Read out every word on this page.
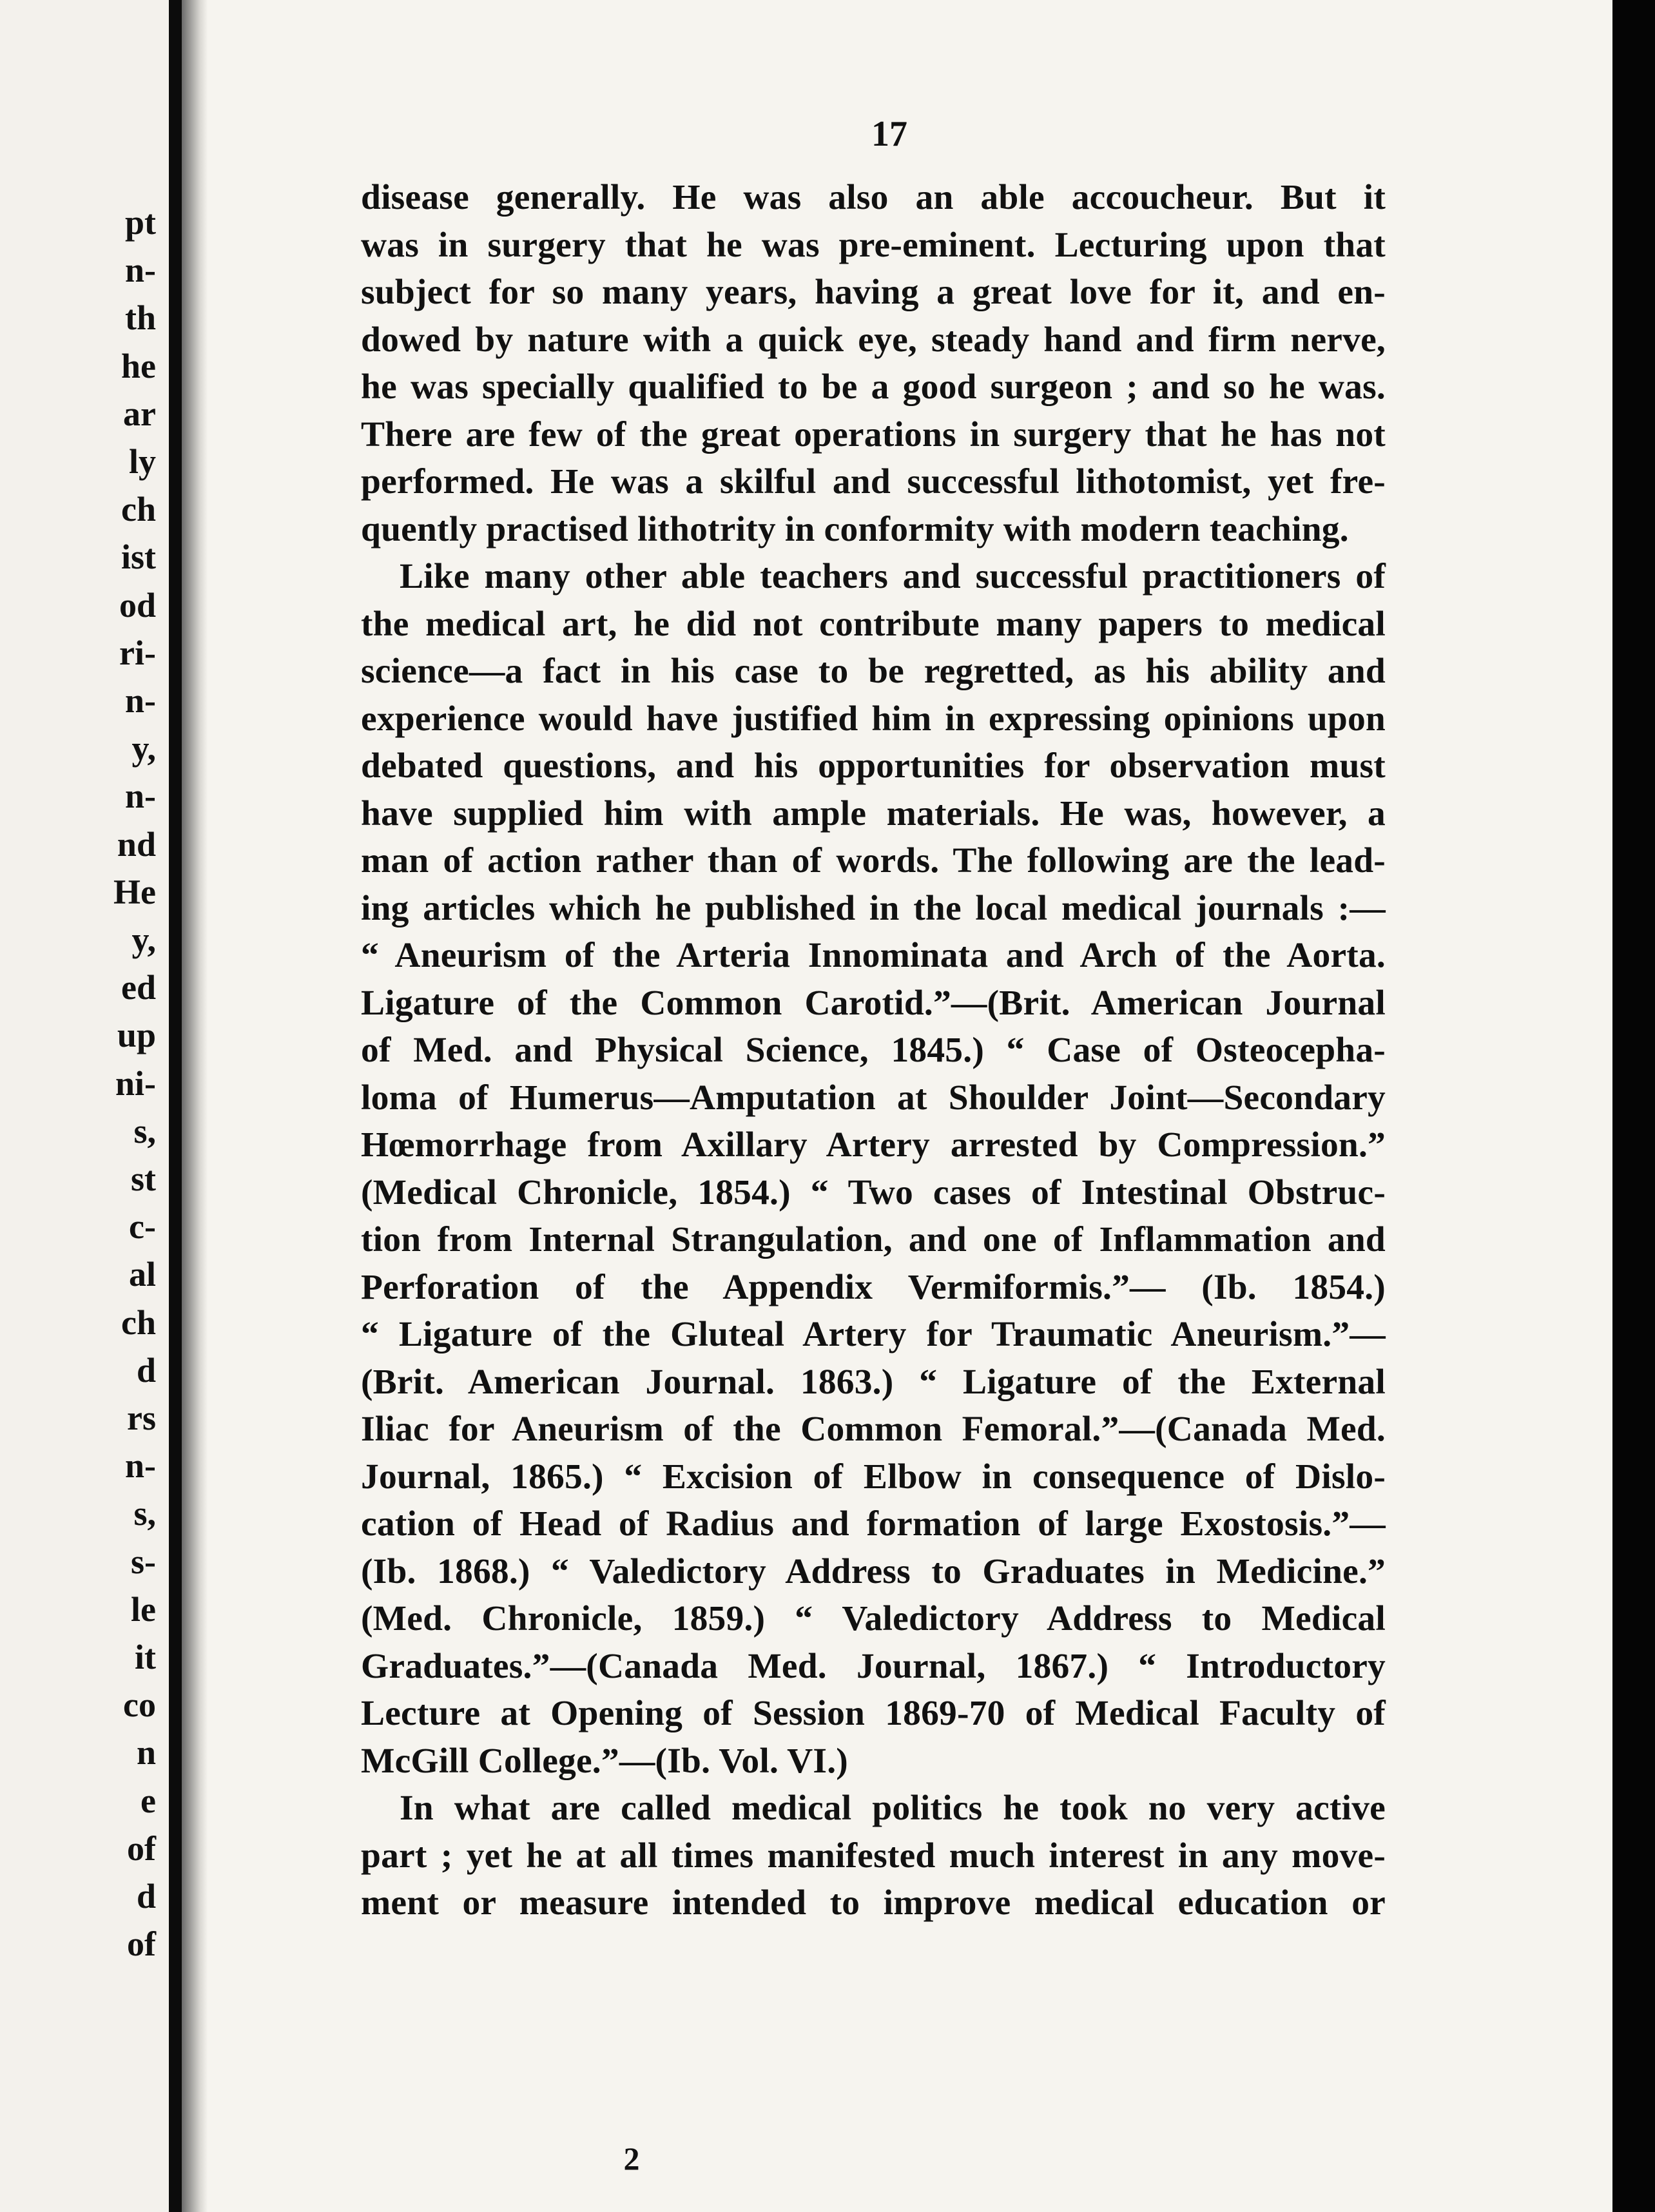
pt
n-
th
he
ar
ly
ch
ist
od
ri-
n-
y,
n-
nd
He
y,
ed
up
ni-
s,
st
c-
al
ch
d
rs
n-
s,
s-
le
it
co
n
e
of
d
of
17
disease generally. He was also an able accoucheur. But it
was in surgery that he was pre-eminent. Lecturing upon that
subject for so many years, having a great love for it, and en-
dowed by nature with a quick eye, steady hand and firm nerve,
he was specially qualified to be a good surgeon ; and so he was.
There are few of the great operations in surgery that he has not
performed. He was a skilful and successful lithotomist, yet fre-
quently practised lithotrity in conformity with modern teaching.
Like many other able teachers and successful practitioners of
the medical art, he did not contribute many papers to medical
science—a fact in his case to be regretted, as his ability and
experience would have justified him in expressing opinions upon
debated questions, and his opportunities for observation must
have supplied him with ample materials. He was, however, a
man of action rather than of words. The following are the lead-
ing articles which he published in the local medical journals :—
“ Aneurism of the Arteria Innominata and Arch of the Aorta.
Ligature of the Common Carotid.”—(Brit. American Journal
of Med. and Physical Science, 1845.) “ Case of Osteocepha-
loma of Humerus—Amputation at Shoulder Joint—Secondary
Hœmorrhage from Axillary Artery arrested by Compression.”
(Medical Chronicle, 1854.) “ Two cases of Intestinal Obstruc-
tion from Internal Strangulation, and one of Inflammation and
Perforation of the Appendix Vermiformis.”— (Ib. 1854.)
“ Ligature of the Gluteal Artery for Traumatic Aneurism.”—
(Brit. American Journal. 1863.) “ Ligature of the External
Iliac for Aneurism of the Common Femoral.”—(Canada Med.
Journal, 1865.) “ Excision of Elbow in consequence of Dislo-
cation of Head of Radius and formation of large Exostosis.”—
(Ib. 1868.) “ Valedictory Address to Graduates in Medicine.”
(Med. Chronicle, 1859.) “ Valedictory Address to Medical
Graduates.”—(Canada Med. Journal, 1867.) “ Introductory
Lecture at Opening of Session 1869-70 of Medical Faculty of
McGill College.”—(Ib. Vol. VI.)
In what are called medical politics he took no very active
part ; yet he at all times manifested much interest in any move-
ment or measure intended to improve medical education or
2
